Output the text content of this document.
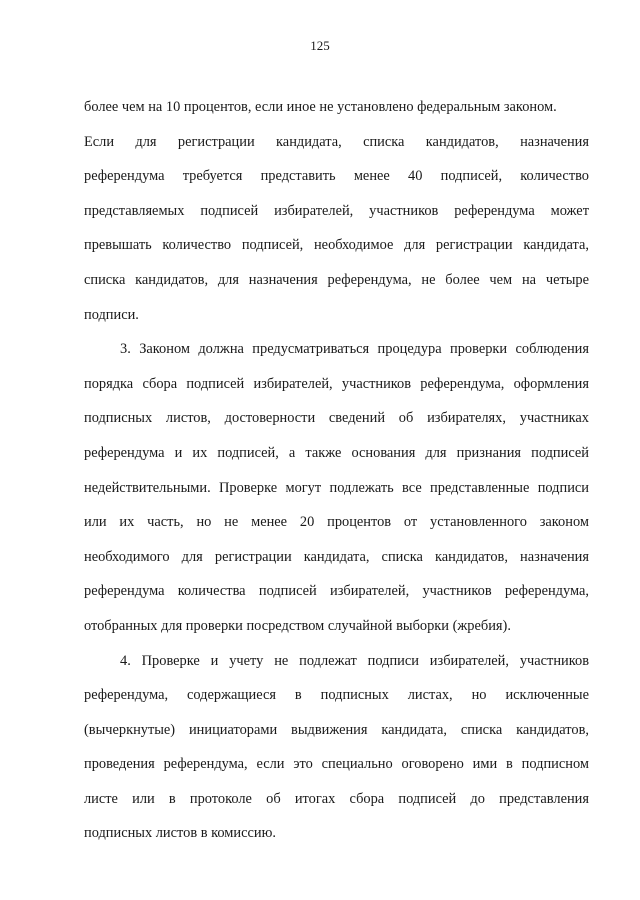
125
более чем на 10 процентов, если иное не установлено федеральным законом.
Если для регистрации кандидата, списка кандидатов, назначения
референдума требуется представить менее 40 подписей, количество
представляемых подписей избирателей, участников референдума может
превышать количество подписей, необходимое для регистрации кандидата,
списка кандидатов, для назначения референдума, не более чем на четыре
подписи.
3. Законом должна предусматриваться процедура проверки соблюдения
порядка сбора подписей избирателей, участников референдума, оформления
подписных листов, достоверности сведений об избирателях, участниках
референдума и их подписей, а также основания для признания подписей
недействительными. Проверке могут подлежать все представленные подписи
или их часть, но не менее 20 процентов от установленного законом
необходимого для регистрации кандидата, списка кандидатов, назначения
референдума количества подписей избирателей, участников референдума,
отобранных для проверки посредством случайной выборки (жребия).
4. Проверке и учету не подлежат подписи избирателей, участников
референдума, содержащиеся в подписных листах, но исключенные
(вычеркнутые) инициаторами выдвижения кандидата, списка кандидатов,
проведения референдума, если это специально оговорено ими в подписном
листе или в протоколе об итогах сбора подписей до представления
подписных листов в комиссию.
